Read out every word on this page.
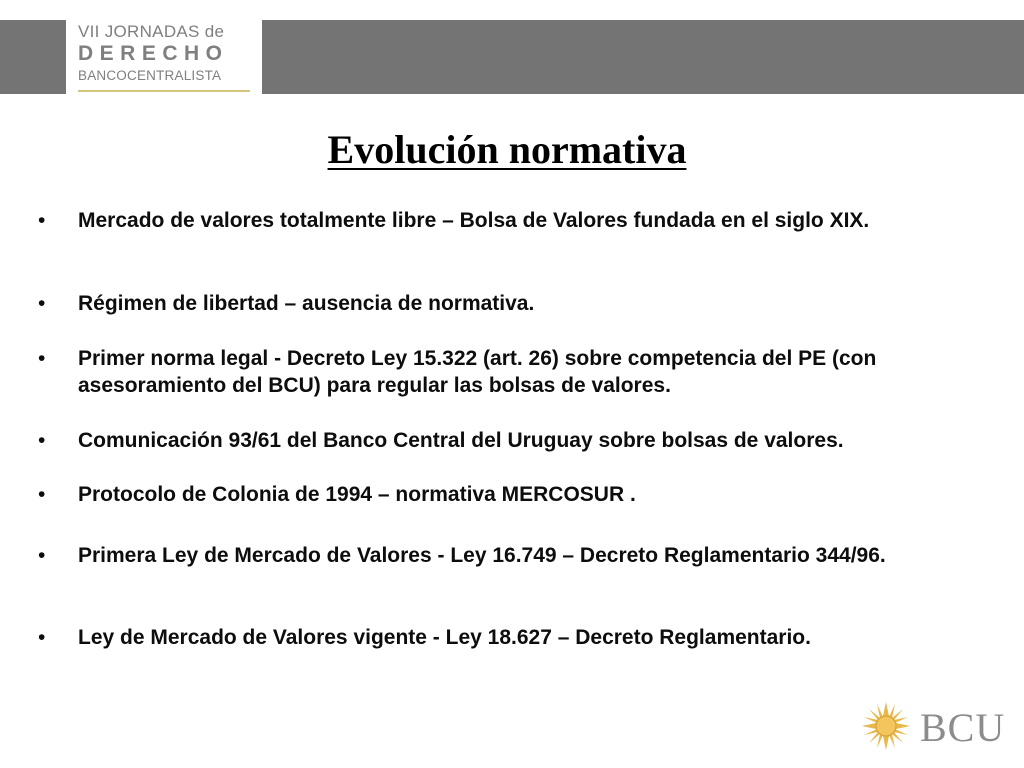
VII JORNADAS de
DERECHO
BANCOCENTRALISTA
Evolución normativa
• Mercado de valores totalmente libre – Bolsa de Valores fundada en el siglo XIX.
• Régimen de libertad – ausencia de normativa.
• Primer norma legal - Decreto Ley 15.322 (art. 26) sobre competencia del PE (con asesoramiento del BCU) para regular las bolsas de valores.
• Comunicación 93/61 del Banco Central del Uruguay sobre bolsas de valores.
• Protocolo de Colonia de 1994 – normativa MERCOSUR .
• Primera Ley de Mercado de Valores - Ley 16.749 – Decreto Reglamentario 344/96.
• Ley de Mercado de Valores vigente - Ley 18.627 – Decreto Reglamentario.
BCU
